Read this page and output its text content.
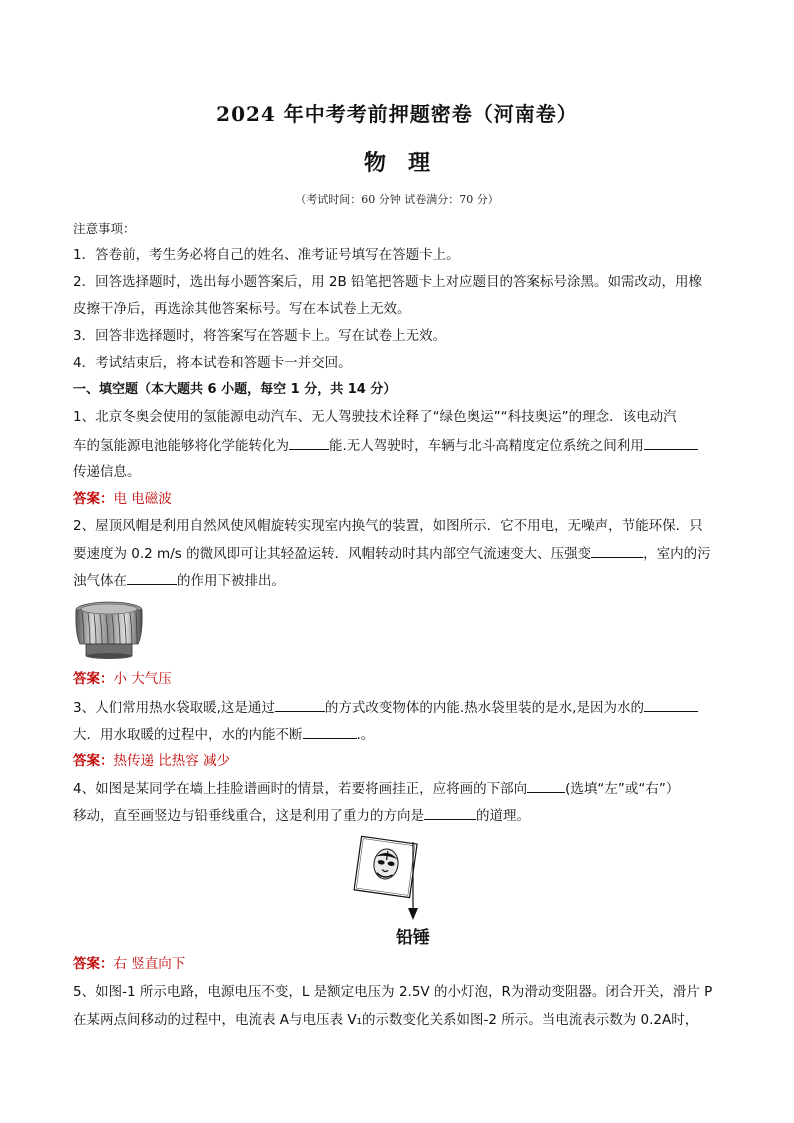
2024 年中考考前押题密卷（河南卷）
物理
（考试时间：60 分钟 试卷满分：70 分）
注意事项：
1．答卷前，考生务必将自己的姓名、准考证号填写在答题卡上。
2．回答选择题时，选出每小题答案后，用 2B 铅笔把答题卡上对应题目的答案标号涂黑。如需改动，用橡
皮擦干净后，再选涂其他答案标号。写在本试卷上无效。
3．回答非选择题时，将答案写在答题卡上。写在试卷上无效。
4．考试结束后，将本试卷和答题卡一并交回。
一、填空题（本大题共 6 小题，每空 1 分，共 14 分）
1、北京冬奥会使用的氢能源电动汽车、无人驾驶技术诠释了“绿色奥运”“科技奥运”的理念．该电动汽
车的氢能源电池能够将化学能转化为	能.无人驾驶时，车辆与北斗高精度定位系统之间利用
传递信息。
答案：电 电磁波
2、屋顶风帽是利用自然风使风帽旋转实现室内换气的装置，如图所示．它不用电，无噪声，节能环保．只
要速度为 0.2 m/s 的微风即可让其轻盈运转．风帽转动时其内部空气流速变大、压强变	，室内的污
浊气体在	的作用下被排出。
答案：小 大气压
3、人们常用热水袋取暖,这是通过	的方式改变物体的内能.热水袋里装的是水,是因为水的
大．用水取暖的过程中，水的内能不断	.。
答案：热传递 比热容 减少
4、如图是某同学在墙上挂脸谱画时的情景，若要将画挂正，应将画的下部向	(选填“左”或“右”）
移动，直至画竖边与铅垂线重合，这是利用了重力的方向是	的道理。
铅锤
答案：右 竖直向下
5、如图-1 所示电路，电源电压不变，L 是额定电压为 2.5V 的小灯泡，R为滑动变阻器。闭合开关，滑片 P
在某两点间移动的过程中，电流表 A与电压表 V₁的示数变化关系如图-2 所示。当电流表示数为 0.2A时，
